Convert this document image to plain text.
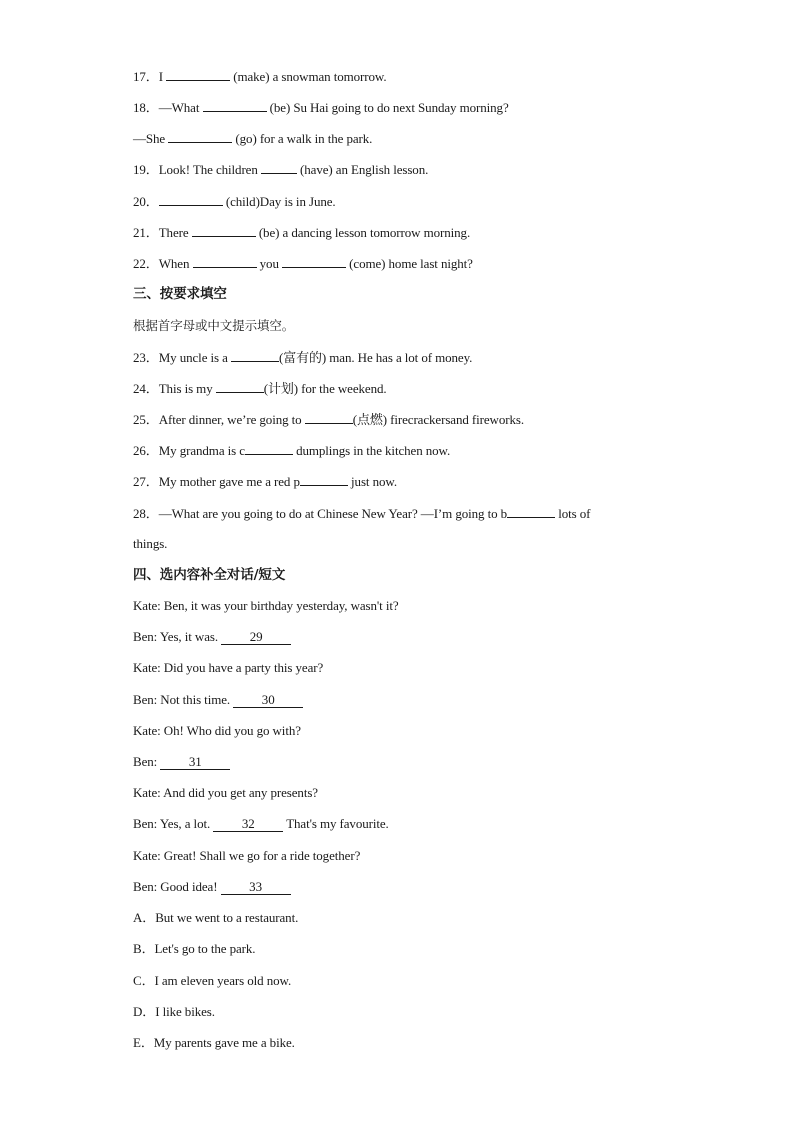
17．I	(make) a snowman tomorrow.
18．—What	(be) Su Hai going to do next Sunday morning?
—She	(go) for a walk in the park.
19．Look! The children	(have) an English lesson.
20．	(child)Day is in June.
21．There	(be) a dancing lesson tomorrow morning.
22．When	you	(come) home last night?
三、按要求填空
根据首字母或中文提示填空。
23．My uncle is a	(富有的) man. He has a lot of money.
24．This is my	(计划) for the weekend.
25．After dinner, we’re going to	(点燃) firecrackersand fireworks.
26．My grandma is c	dumplings in the kitchen now.
27．My mother gave me a red p	just now.
28．—What are you going to do at Chinese New Year? —I’m going to b	lots of
things.
四、选内容补全对话/短文
Kate: Ben, it was your birthday yesterday, wasn't it?
Ben: Yes, it was. 29
Kate: Did you have a party this year?
Ben: Not this time. 30
Kate: Oh! Who did you go with?
Ben: 31
Kate: And did you get any presents?
Ben: Yes, a lot. 32 That's my favourite.
Kate: Great! Shall we go for a ride together?
Ben: Good idea! 33
A．But we went to a restaurant.
B．Let's go to the park.
C．I am eleven years old now.
D．I like bikes.
E．My parents gave me a bike.
